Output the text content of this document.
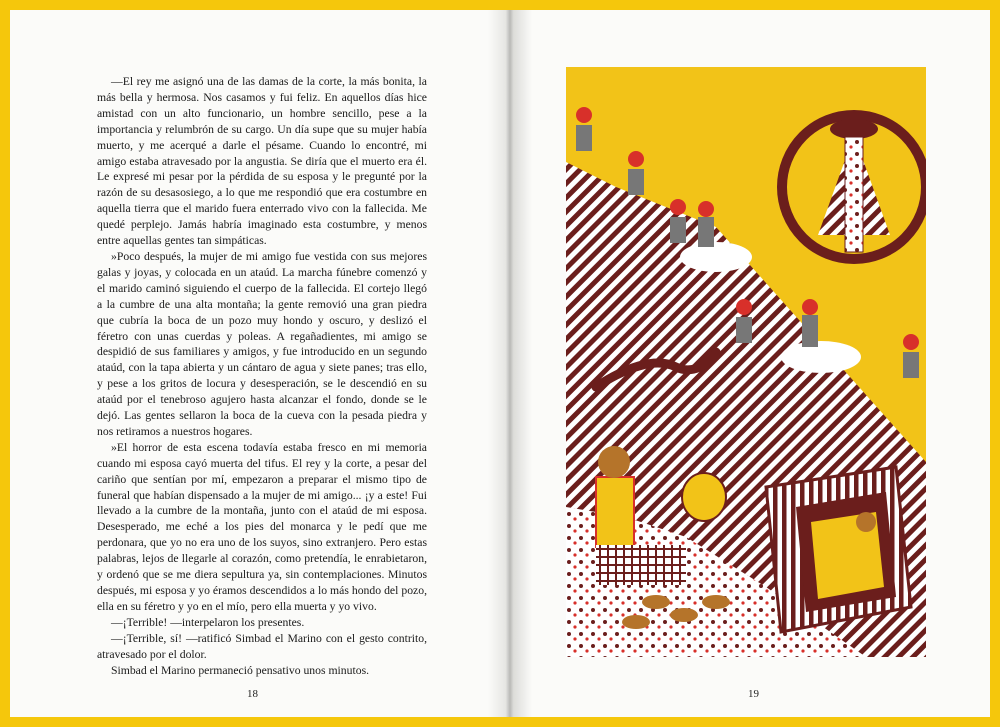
—El rey me asignó una de las damas de la corte, la más bonita, la más bella y hermosa. Nos casamos y fui feliz. En aquellos días hice amistad con un alto funcionario, un hombre sencillo, pese a la importancia y relumbrón de su cargo. Un día supe que su mujer había muerto, y me acerqué a darle el pésame. Cuando lo encontré, mi amigo estaba atravesado por la angustia. Se diría que el muerto era él. Le expresé mi pesar por la pérdida de su esposa y le pregunté por la razón de su desasosiego, a lo que me respondió que era costumbre en aquella tierra que el marido fuera enterrado vivo con la fallecida. Me quedé perplejo. Jamás habría imaginado esta costumbre, y menos entre aquellas gentes tan simpáticas.

»Poco después, la mujer de mi amigo fue vestida con sus mejores galas y joyas, y colocada en un ataúd. La marcha fúnebre comenzó y el marido caminó siguiendo el cuerpo de la fallecida. El cortejo llegó a la cumbre de una alta montaña; la gente removió una gran piedra que cubría la boca de un pozo muy hondo y oscuro, y deslizó el féretro con unas cuerdas y poleas. A regañadientes, mi amigo se despidió de sus familiares y amigos, y fue introducido en un segundo ataúd, con la tapa abierta y un cántaro de agua y siete panes; tras ello, y pese a los gritos de locura y desesperación, se le descendió en su ataúd por el tenebroso agujero hasta alcanzar el fondo, donde se le dejó. Las gentes sellaron la boca de la cueva con la pesada piedra y nos retiramos a nuestros hogares.

»El horror de esta escena todavía estaba fresco en mi memoria cuando mi esposa cayó muerta del tifus. El rey y la corte, a pesar del cariño que sentían por mí, empezaron a preparar el mismo tipo de funeral que habían dispensado a la mujer de mi amigo... ¡y a este! Fui llevado a la cumbre de la montaña, junto con el ataúd de mi esposa. Desesperado, me eché a los pies del monarca y le pedí que me perdonara, que yo no era uno de los suyos, sino extranjero. Pero estas palabras, lejos de llegarle al corazón, como pretendía, le enrabietaron, y ordenó que se me diera sepultura ya, sin contemplaciones. Minutos después, mi esposa y yo éramos descendidos a lo más hondo del pozo, ella en su féretro y yo en el mío, pero ella muerta y yo vivo.

—¡Terrible! —interpelaron los presentes.

—¡Terrible, sí! —ratificó Simbad el Marino con el gesto contrito, atravesado por el dolor.

Simbad el Marino permaneció pensativo unos minutos.

18	19
